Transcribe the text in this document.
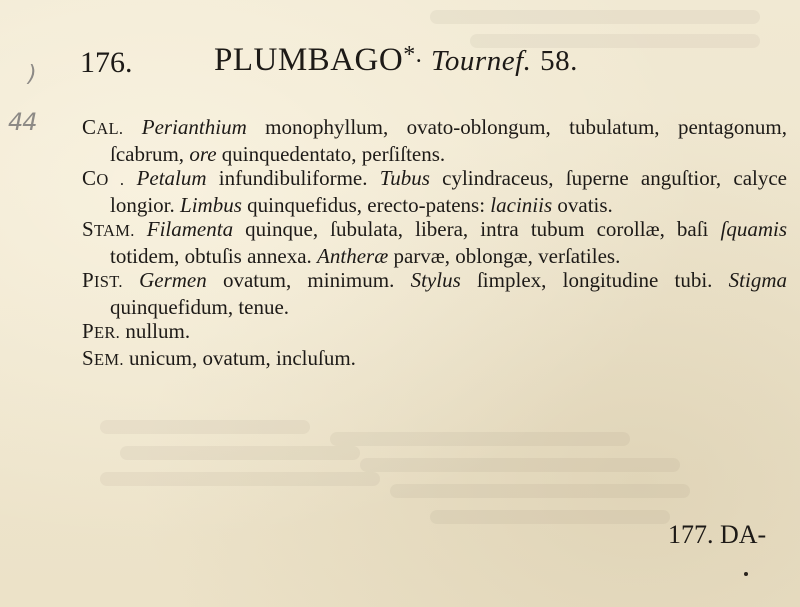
)
44
176. PLUMBAGO*. Tournef. 58.

CAL. Perianthium monophyllum, ovato-oblongum, tubulatum, pentagonum, ſcabrum, ore quinquedentato, perſiſtens.

CO . Petalum infundibuliforme. Tubus cylindraceus, ſuperne anguſtior, calyce longior. Limbus quinquefidus, erecto-patens: laciniis ovatis.

STAM. Filamenta quinque, ſubulata, libera, intra tubum corollæ, baſi ſquamis totidem, obtuſis annexa. Antheræ parvæ, oblongæ, verſatiles.

PIST. Germen ovatum, minimum. Stylus ſimplex, longitudine tubi. Stigma quinquefidum, tenue.

PER. nullum.

SEM. unicum, ovatum, incluſum.

177. DA-
